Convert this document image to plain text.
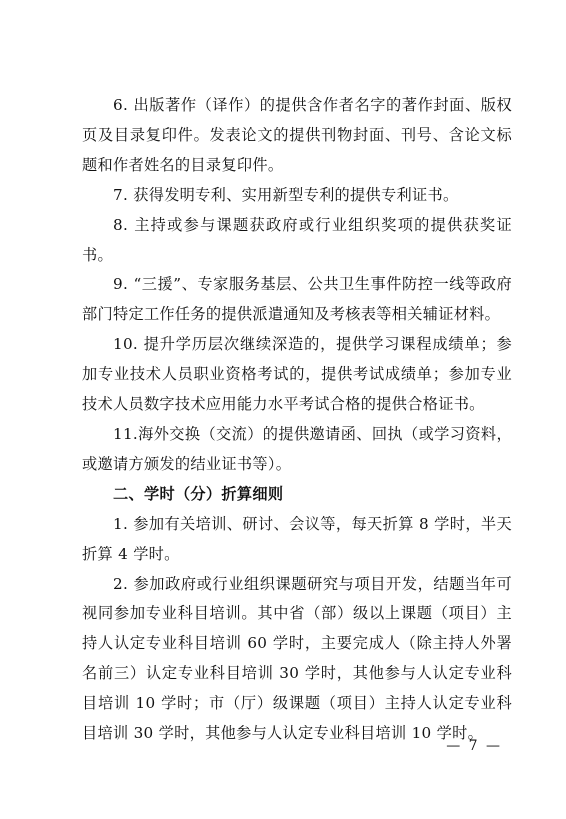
6. 出版著作（译作）的提供含作者名字的著作封面、版权页及目录复印件。发表论文的提供刊物封面、刊号、含论文标题和作者姓名的目录复印件。

7. 获得发明专利、实用新型专利的提供专利证书。

8. 主持或参与课题获政府或行业组织奖项的提供获奖证书。

9. “三援”、专家服务基层、公共卫生事件防控一线等政府部门特定工作任务的提供派遣通知及考核表等相关辅证材料。

10. 提升学历层次继续深造的，提供学习课程成绩单；参加专业技术人员职业资格考试的，提供考试成绩单；参加专业技术人员数字技术应用能力水平考试合格的提供合格证书。

11.海外交换（交流）的提供邀请函、回执（或学习资料，或邀请方颁发的结业证书等）。

二、学时（分）折算细则

1. 参加有关培训、研讨、会议等，每天折算 8 学时，半天折算 4 学时。

2. 参加政府或行业组织课题研究与项目开发，结题当年可视同参加专业科目培训。其中省（部）级以上课题（项目）主持人认定专业科目培训 60 学时，主要完成人（除主持人外署名前三）认定专业科目培训 30 学时，其他参与人认定专业科目培训 10 学时；市（厅）级课题（项目）主持人认定专业科目培训 30 学时，其他参与人认定专业科目培训 10 学时。

— 7 —
